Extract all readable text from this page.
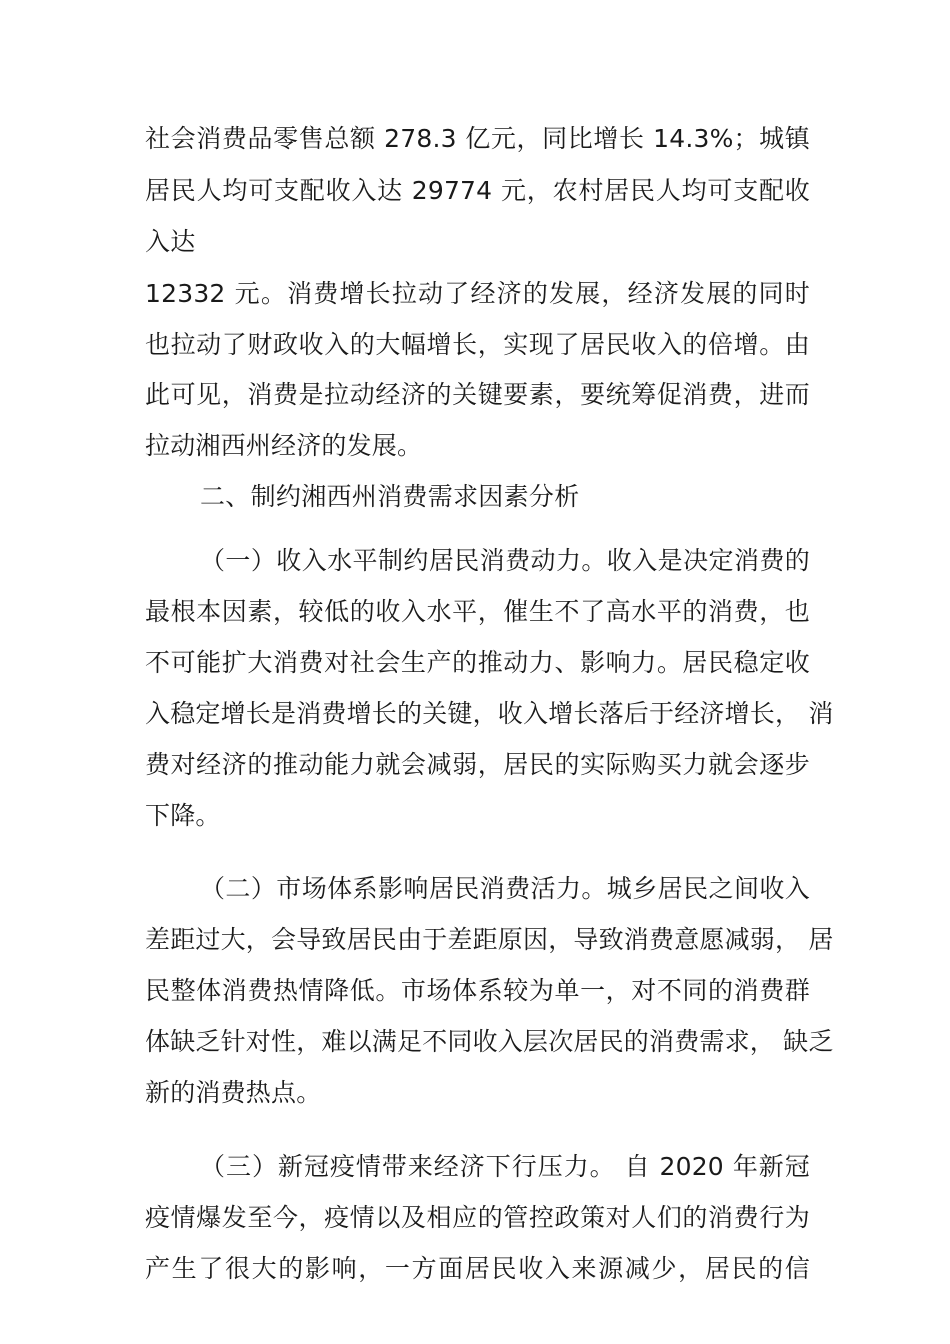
社会消费品零售总额 278.3 亿元，同比增长 14.3%；城镇
居民人均可支配收入达 29774 元，农村居民人均可支配收
入达
12332 元。消费增长拉动了经济的发展，经济发展的同时
也拉动了财政收入的大幅增长，实现了居民收入的倍增。由
此可见，消费是拉动经济的关键要素，要统筹促消费，进而
拉动湘西州经济的发展。
二、制约湘西州消费需求因素分析
（一）收入水平制约居民消费动力。收入是决定消费的
最根本因素，较低的收入水平，催生不了高水平的消费，也
不可能扩大消费对社会生产的推动力、影响力。居民稳定收
入稳定增长是消费增长的关键，收入增长落后于经济增长， 消
费对经济的推动能力就会减弱，居民的实际购买力就会逐步
下降。
（二）市场体系影响居民消费活力。城乡居民之间收入
差距过大，会导致居民由于差距原因，导致消费意愿减弱， 居
民整体消费热情降低。市场体系较为单一，对不同的消费群
体缺乏针对性，难以满足不同收入层次居民的消费需求， 缺乏
新的消费热点。
（三）新冠疫情带来经济下行压力。 自 2020 年新冠
疫情爆发至今，疫情以及相应的管控政策对人们的消费行为
产生了很大的影响，一方面居民收入来源减少，居民的信
